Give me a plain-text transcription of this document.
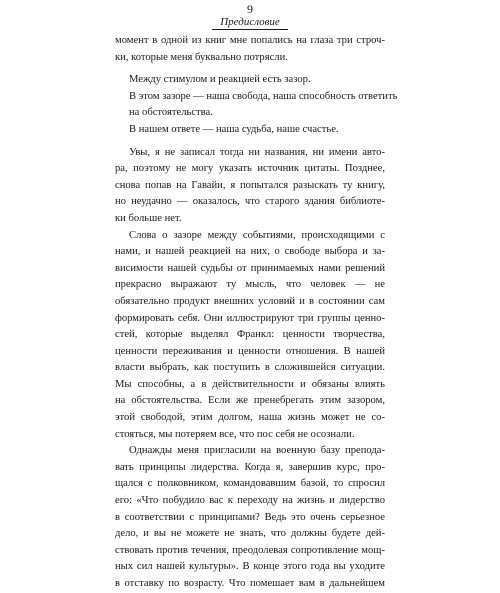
9
Предисловие
момент в одной из книг мне попались на глаза три строч-
ки, которые меня буквально потрясли.
Между стимулом и реакцией есть зазор.
В этом зазоре — наша свобода, наша способность ответить
на обстоятельства.
В нашем ответе — наша судьба, наше счастье.
Увы, я не записал тогда ни названия, ни имени авто-
ра, поэтому не могу указать источник цитаты. Позднее,
снова попав на Гавайи, я попытался разыскать ту книгу,
но неудачно — оказалось, что старого здания библиоте-
ки больше нет.
Слова о зазоре между событиями, происходящими с
нами, и нашей реакцией на них, о свободе выбора и за-
висимости нашей судьбы от принимаемых нами решений
прекрасно выражают ту мысль, что человек — не
обязательно продукт внешних условий и в состоянии сам
формировать себя. Они иллюстрируют три группы ценно-
стей, которые выделял Франкл: ценности творчества,
ценности переживания и ценности отношения. В нашей
власти выбрать, как поступить в сложившейся ситуации.
Мы способны, а в действительности и обязаны влиять
на обстоятельства. Если же пренебрегать этим зазором,
этой свободой, этим долгом, наша жизнь может не со-
стояться, мы потеряем все, что пос себя не осознали.
Однажды меня пригласили на военную базу препода-
вать принципы лидерства. Когда я, завершив курс, про-
щался с полковником, командовавшим базой, то спросил
его: «Что побудило вас к переходу на жизнь и лидерство
в соответствии с принципами? Ведь это очень серьезное
дело, и вы не можете не знать, что должны будете дей-
ствовать против течения, преодолевая сопротивление мощ-
ных сил нашей культуры». В конце этого года вы уходите
в отставку по возрасту. Что помешает вам в дальнейшем
